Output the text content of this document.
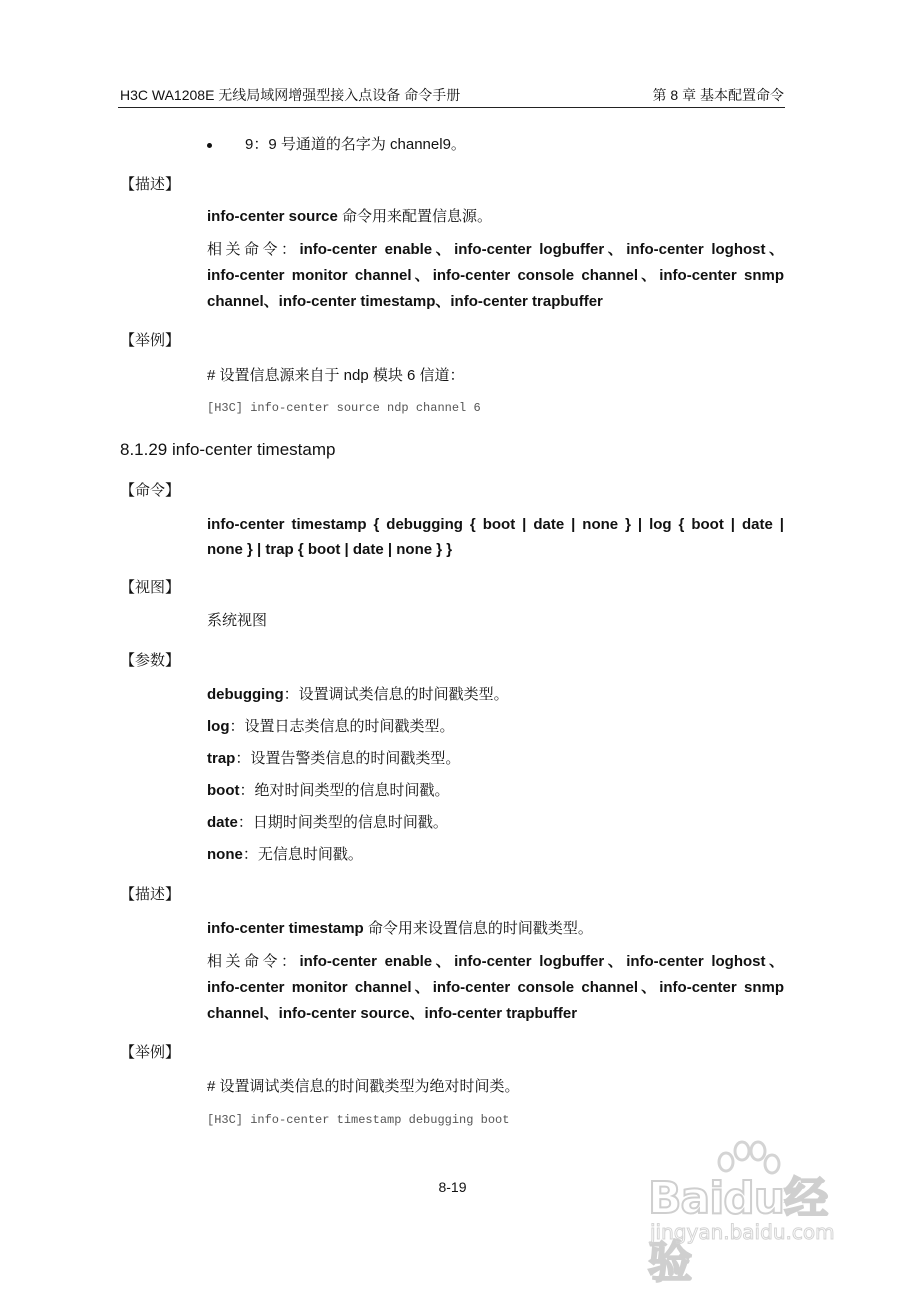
H3C WA1208E 无线局域网增强型接入点设备 命令手册	第 8 章 基本配置命令
9：9 号通道的名字为 channel9。
【描述】
info-center source 命令用来配置信息源。
相关命令：info-center enable、info-center logbuffer、info-center loghost、
info-center monitor channel、info-center console channel、info-center snmp
channel、info-center timestamp、info-center trapbuffer
【举例】
# 设置信息源来自于 ndp 模块 6 信道：
[H3C] info-center source ndp channel 6
8.1.29 info-center timestamp
【命令】
info-center timestamp { debugging { boot | date | none } | log { boot | date |
none } | trap { boot | date | none } }
【视图】
系统视图
【参数】
debugging：设置调试类信息的时间戳类型。
log：设置日志类信息的时间戳类型。
trap：设置告警类信息的时间戳类型。
boot：绝对时间类型的信息时间戳。
date：日期时间类型的信息时间戳。
none：无信息时间戳。
【描述】
info-center timestamp 命令用来设置信息的时间戳类型。
相关命令：info-center enable、info-center logbuffer、info-center loghost、
info-center monitor channel、info-center console channel、info-center snmp
channel、info-center source、info-center trapbuffer
【举例】
# 设置调试类信息的时间戳类型为绝对时间类。
[H3C] info-center timestamp debugging boot
8-19	Baidu经验
jingyan.baidu.com
